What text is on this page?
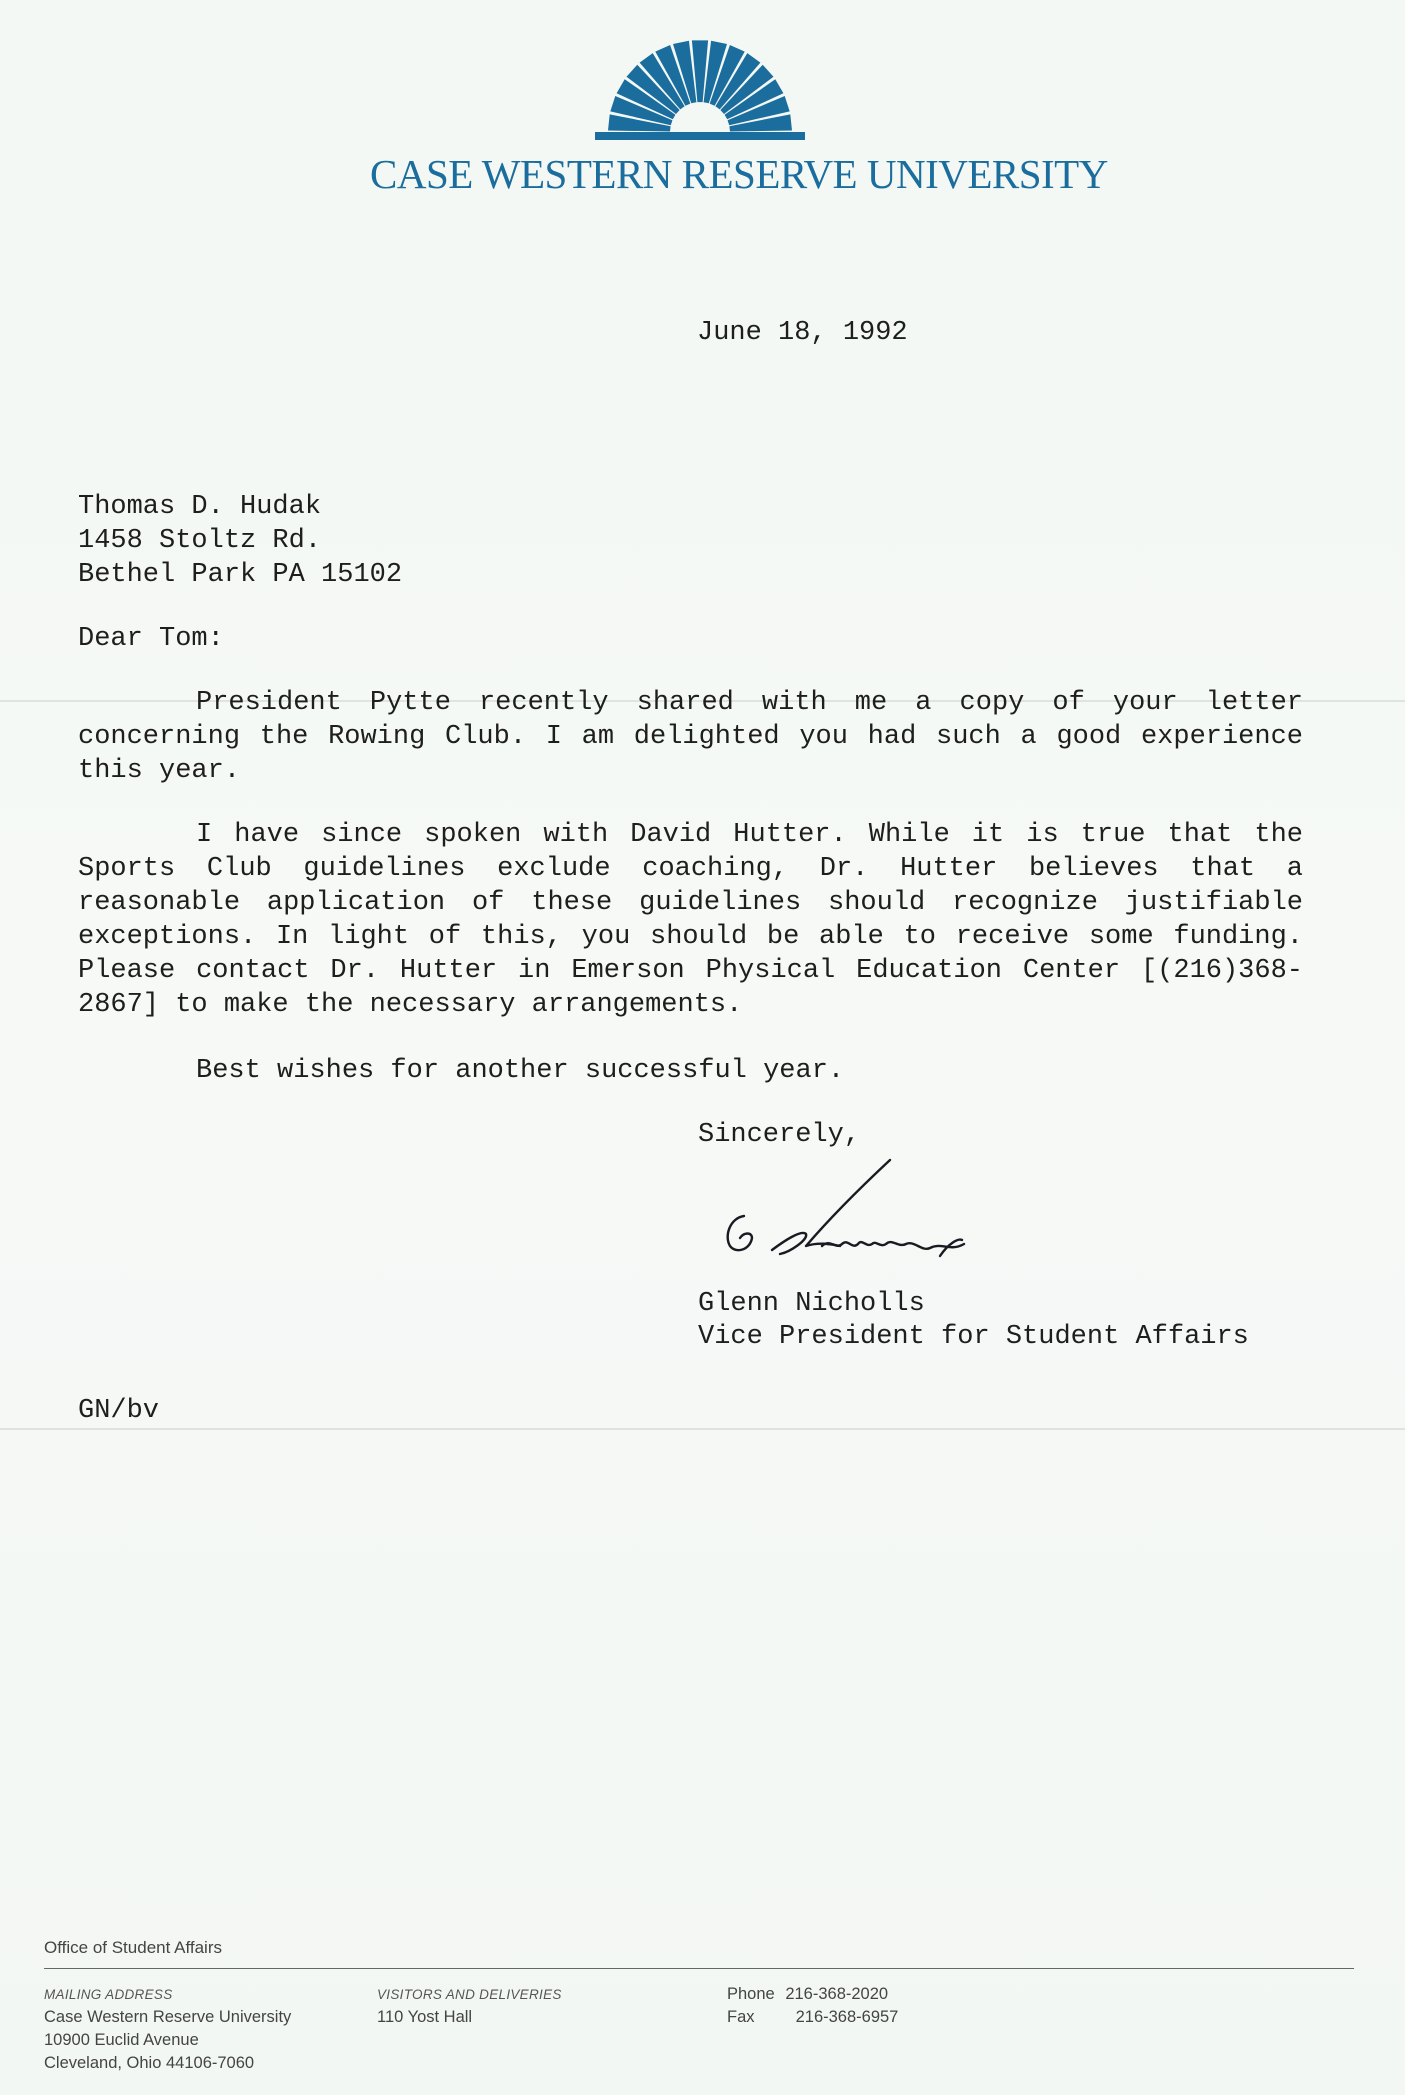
CASE WESTERN RESERVE UNIVERSITY
June 18, 1992
Thomas D. Hudak
1458 Stoltz Rd.
Bethel Park PA 15102
Dear Tom:
President Pytte recently shared with me a copy of your letter concerning the Rowing Club. I am delighted you had such a good experience this year.
I have since spoken with David Hutter. While it is true that the Sports Club guidelines exclude coaching, Dr. Hutter believes that a reasonable application of these guidelines should recognize justifiable exceptions. In light of this, you should be able to receive some funding. Please contact Dr. Hutter in Emerson Physical Education Center [(216)368-2867] to make the necessary arrangements.
Best wishes for another successful year.
Sincerely,
Glenn Nicholls
Vice President for Student Affairs
GN/bv
Office of Student Affairs
MAILING ADDRESS
Case Western Reserve University
10900 Euclid Avenue
Cleveland, Ohio 44106-7060
VISITORS AND DELIVERIES
110 Yost Hall
Phone 216-368-2020
Fax 216-368-6957
